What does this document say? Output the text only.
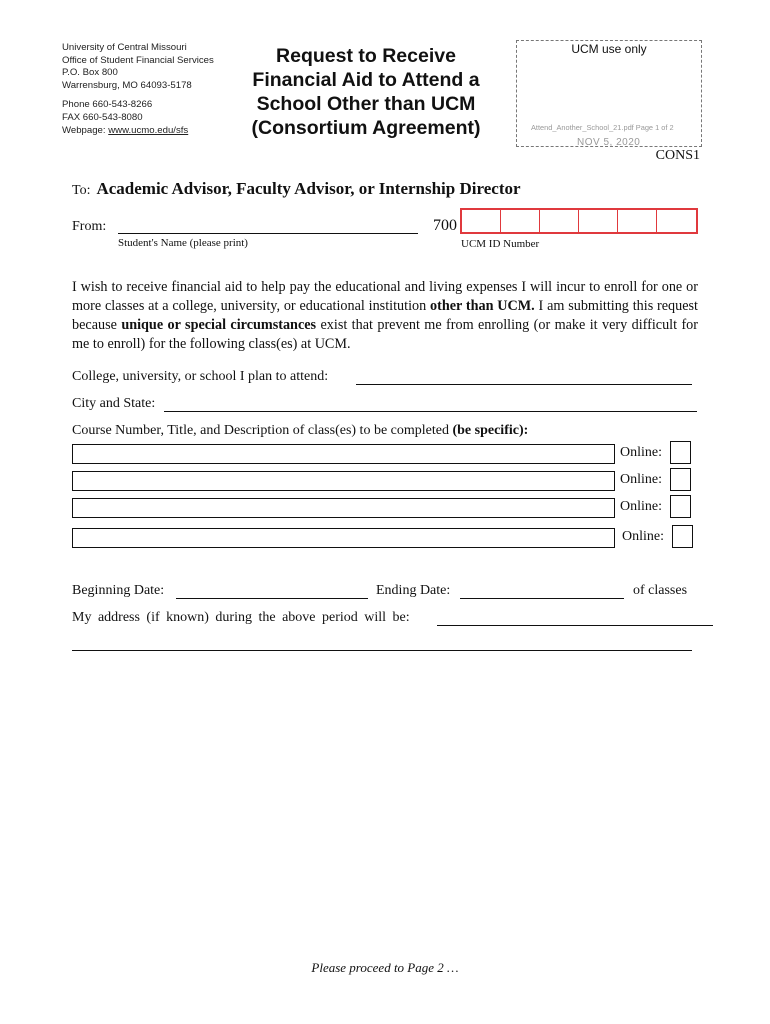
University of Central Missouri
Office of Student Financial Services
P.O. Box 800
Warrensburg, MO 64093-5178
Phone 660-543-8266
FAX 660-543-8080
Webpage: www.ucmo.edu/sfs
Request to Receive
Financial Aid to Attend a
School Other than UCM
(Consortium Agreement)
UCM use only
Attend_Another_School_21.pdf Page 1 of 2
NOV 5, 2020
CONS1
To: Academic Advisor, Faculty Advisor, or Internship Director
From:
Student's Name (please print)
700
UCM ID Number
I wish to receive financial aid to help pay the educational and living expenses I will incur to enroll for one or more classes at a college, university, or educational institution other than UCM. I am submitting this request because unique or special circumstances exist that prevent me from enrolling (or make it very difficult for me to enroll) for the following class(es) at UCM.
College, university, or school I plan to attend:
City and State:
Course Number, Title, and Description of class(es) to be completed (be specific):
Online:
Online:
Online:
Online:
Beginning Date:	Ending Date:	of classes
My address (if known) during the above period will be:
Please proceed to Page 2 …
